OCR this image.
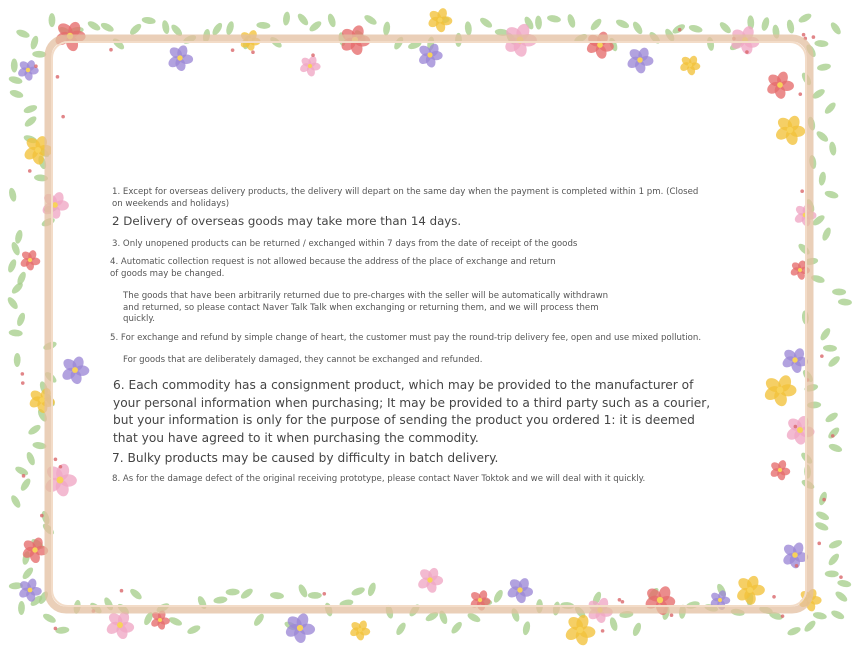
1. Except for overseas delivery products, the delivery will depart on the same day when the payment is completed within 1 pm. (Closed on weekends and holidays)

2 Delivery of overseas goods may take more than 14 days.

3. Only unopened products can be returned / exchanged within 7 days from the date of receipt of the goods

4. Automatic collection request is not allowed because the address of the place of exchange and return of goods may be changed.

The goods that have been arbitrarily returned due to pre-charges with the seller will be automatically withdrawn and returned, so please contact Naver Talk Talk when exchanging or returning them, and we will process them quickly.

5. For exchange and refund by simple change of heart, the customer must pay the round-trip delivery fee, open and use mixed pollution.

For goods that are deliberately damaged, they cannot be exchanged and refunded.

6. Each commodity has a consignment product, which may be provided to the manufacturer of your personal information when purchasing; It may be provided to a third party such as a courier, but your information is only for the purpose of sending the product you ordered 1: it is deemed that you have agreed to it when purchasing the commodity.

7. Bulky products may be caused by difficulty in batch delivery.

8. As for the damage defect of the original receiving prototype, please contact Naver Toktok and we will deal with it quickly.
